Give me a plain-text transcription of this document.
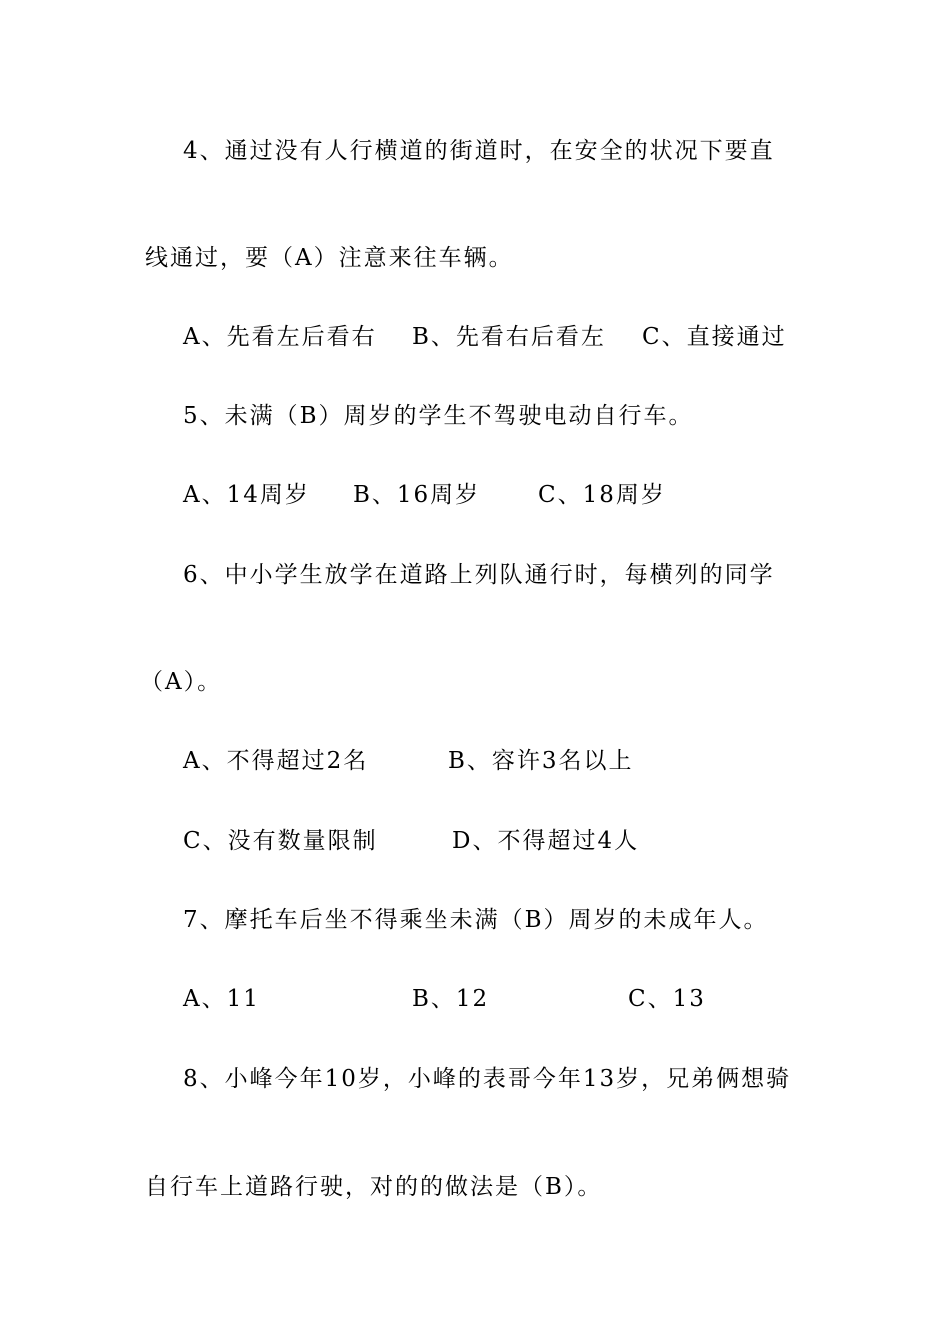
4、通过没有人行横道的街道时，在安全的状况下要直
线通过，要（A）注意来往车辆。
A、先看左后看右 B、先看右后看左 C、直接通过
5、未满（B）周岁的学生不驾驶电动自行车。
A、14周岁 B、16周岁	C、18周岁
6、中小学生放学在道路上列队通行时，每横列的同学
（A）。
A、不得超过2名	B、容许3名以上
C、没有数量限制	D、不得超过4人
7、摩托车后坐不得乘坐未满（B）周岁的未成年人。
A、11	B、12	C、13
8、小峰今年10岁，小峰的表哥今年13岁，兄弟俩想骑
自行车上道路行驶，对的的做法是（B）。
